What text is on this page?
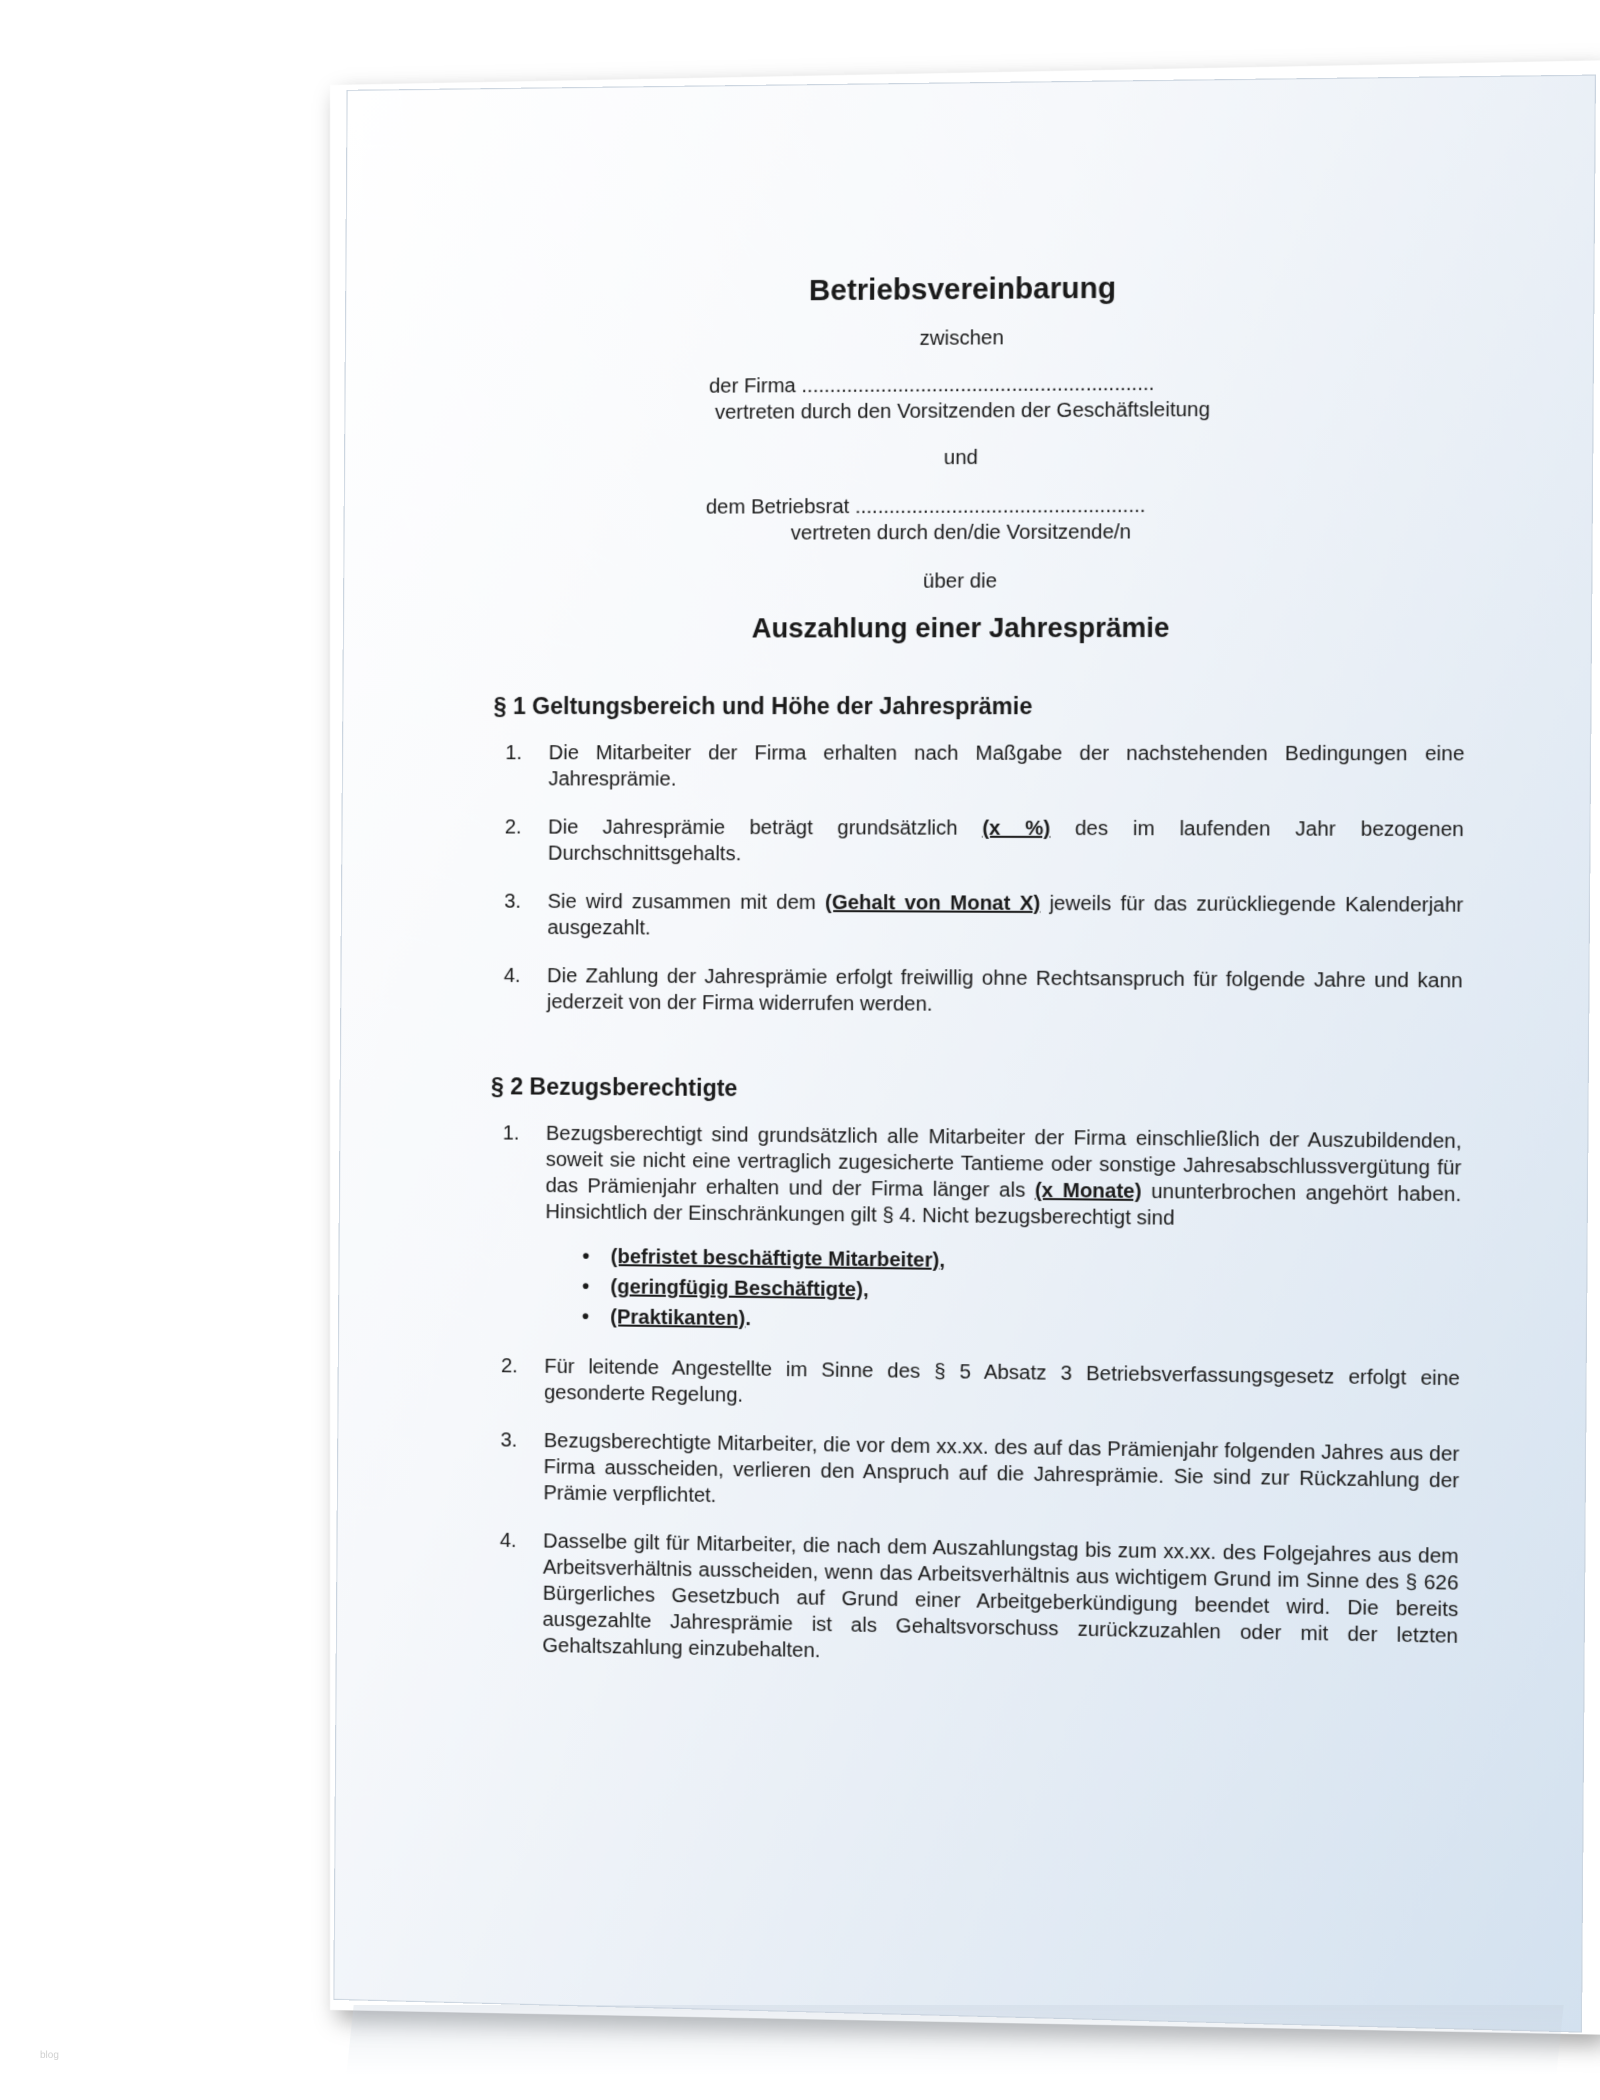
Betriebsvereinbarung
zwischen
der Firma ..............................................................
vertreten durch den Vorsitzenden der Geschäftsleitung
und
dem Betriebsrat ...................................................
vertreten durch den/die Vorsitzende/n
über die
Auszahlung einer Jahresprämie
§ 1 Geltungsbereich und Höhe der Jahresprämie
1. Die Mitarbeiter der Firma erhalten nach Maßgabe der nachstehenden Bedingungen eine Jahresprämie.
2. Die Jahresprämie beträgt grundsätzlich (x %) des im laufenden Jahr bezogenen Durchschnittsgehalts.
3. Sie wird zusammen mit dem (Gehalt von Monat X) jeweils für das zurückliegende Kalenderjahr ausgezahlt.
4. Die Zahlung der Jahresprämie erfolgt freiwillig ohne Rechtsanspruch für folgende Jahre und kann jederzeit von der Firma widerrufen werden.
§ 2 Bezugsberechtigte
1. Bezugsberechtigt sind grundsätzlich alle Mitarbeiter der Firma einschließlich der Auszubildenden, soweit sie nicht eine vertraglich zugesicherte Tantieme oder sonstige Jahresabschlussvergütung für das Prämienjahr erhalten und der Firma länger als (x Monate) ununterbrochen angehört haben. Hinsichtlich der Einschränkungen gilt § 4. Nicht bezugsberechtigt sind
• (befristet beschäftigte Mitarbeiter),
• (geringfügig Beschäftigte),
• (Praktikanten).
2. Für leitende Angestellte im Sinne des § 5 Absatz 3 Betriebsverfassungsgesetz erfolgt eine gesonderte Regelung.
3. Bezugsberechtigte Mitarbeiter, die vor dem xx.xx. des auf das Prämienjahr folgenden Jahres aus der Firma ausscheiden, verlieren den Anspruch auf die Jahresprämie. Sie sind zur Rückzahlung der Prämie verpflichtet.
4. Dasselbe gilt für Mitarbeiter, die nach dem Auszahlungstag bis zum xx.xx. des Folgejahres aus dem Arbeitsverhältnis ausscheiden, wenn das Arbeitsverhältnis aus wichtigem Grund im Sinne des § 626 Bürgerliches Gesetzbuch auf Grund einer Arbeitgeberkündigung beendet wird. Die bereits ausgezahlte Jahresprämie ist als Gehaltsvorschuss zurückzuzahlen oder mit der letzten Gehaltszahlung einzubehalten.
blog
